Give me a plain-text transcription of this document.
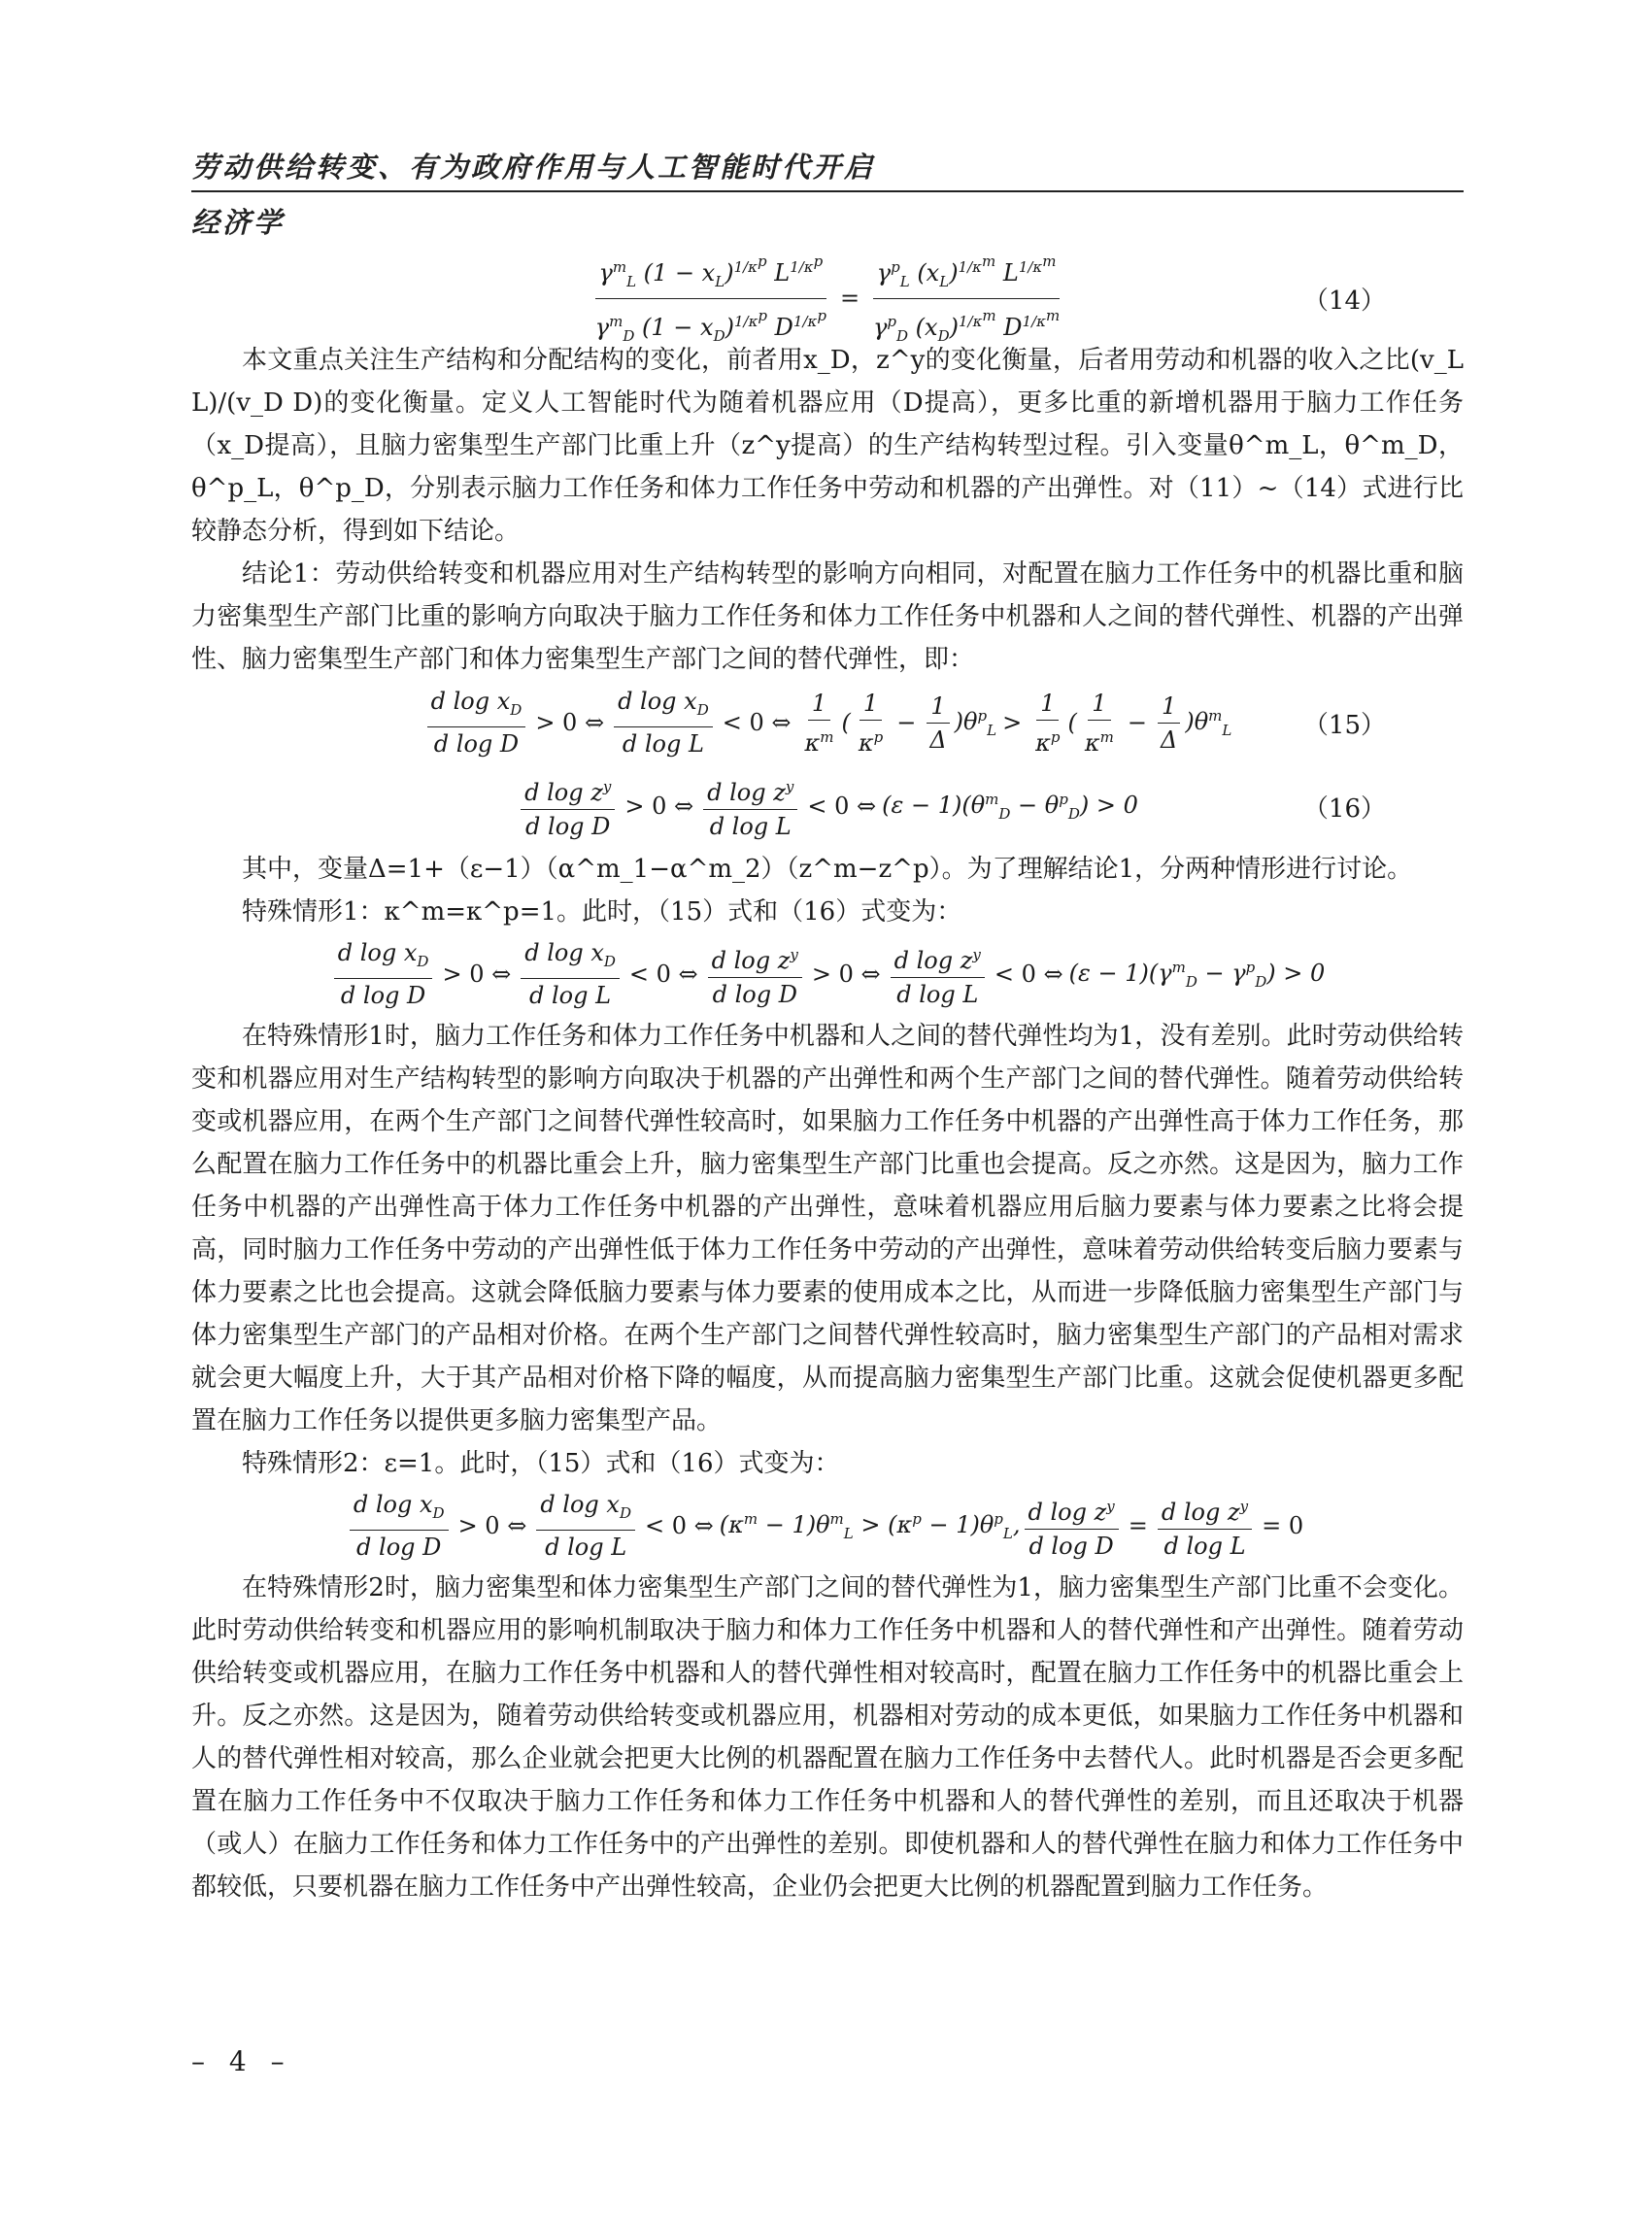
劳动供给转变、有为政府作用与人工智能时代开启
经济学
$\frac{\gamma^m_L (1 - x_L)^{1/\kappa^p} L^{1/\kappa^p}}{\gamma^m_D (1 - x_D)^{1/\kappa^p} D^{1/\kappa^p}} = \frac{\gamma^p_L (x_L)^{1/\kappa^m} L^{1/\kappa^m}}{\gamma^p_D (x_D)^{1/\kappa^m} D^{1/\kappa^m}}$	（14）

本文重点关注生产结构和分配结构的变化，前者用x_D，z^y的变化衡量，后者用劳动和机器的收入之比(v_L L)/(v_D D)的变化衡量。定义人工智能时代为随着机器应用（D提高），更多比重的新增机器用于脑力工作任务（x_D提高），且脑力密集型生产部门比重上升（z^y提高）的生产结构转型过程。引入变量θ^m_L，θ^m_D，θ^p_L，θ^p_D，分别表示脑力工作任务和体力工作任务中劳动和机器的产出弹性。对（11）~（14）式进行比较静态分析，得到如下结论。

结论1：劳动供给转变和机器应用对生产结构转型的影响方向相同，对配置在脑力工作任务中的机器比重和脑力密集型生产部门比重的影响方向取决于脑力工作任务和体力工作任务中机器和人之间的替代弹性、机器的产出弹性、脑力密集型生产部门和体力密集型生产部门之间的替代弹性，即：

$\frac{d \log x_D}{\text{d log D}} > 0$ ⇔ $\frac{d \log x_D}{\text{d log L}} < 0$ ⇔ $\frac{1}{\kappa^m}$ ( $\frac{1}{\kappa^p} - \frac{1}{\Delta} )\theta^p_L > \frac{1}{\kappa^p}$ ( $\frac{1}{\kappa^m} - \frac{1}{\Delta} )\theta^m_L$	（15）
$\frac{d \log z^y}{\text{d log D}} > 0$ ⇔ $\frac{d \log z^y}{\text{d log L}} < 0$ ⇔ $(\varepsilon - 1)(\theta^m_D - \theta^p_D) > 0$	（16）

其中，变量Δ=1+（ε−1）（α^m_1−α^m_2）（z^m−z^p）。为了理解结论1，分两种情形进行讨论。

特殊情形1：κ^m=κ^p=1。此时，（15）式和（16）式变为：

$\frac{d \log x_D}{\text{d log D}} > 0$ ⇔ $\frac{d \log x_D}{\text{d log L}} < 0$ ⇔ $\frac{d \log z^y}{\text{d log D}} > 0$ ⇔ $\frac{d \log z^y}{\text{d log L}} < 0$ ⇔ $(\varepsilon - 1)(\gamma^m_D - \gamma^p_D) > 0$

在特殊情形1时，脑力工作任务和体力工作任务中机器和人之间的替代弹性均为1，没有差别。此时劳动供给转变和机器应用对生产结构转型的影响方向取决于机器的产出弹性和两个生产部门之间的替代弹性。随着劳动供给转变或机器应用，在两个生产部门之间替代弹性较高时，如果脑力工作任务中机器的产出弹性高于体力工作任务，那么配置在脑力工作任务中的机器比重会上升，脑力密集型生产部门比重也会提高。反之亦然。这是因为，脑力工作任务中机器的产出弹性高于体力工作任务中机器的产出弹性，意味着机器应用后脑力要素与体力要素之比将会提高，同时脑力工作任务中劳动的产出弹性低于体力工作任务中劳动的产出弹性，意味着劳动供给转变后脑力要素与体力要素之比也会提高。这就会降低脑力要素与体力要素的使用成本之比，从而进一步降低脑力密集型生产部门与体力密集型生产部门的产品相对价格。在两个生产部门之间替代弹性较高时，脑力密集型生产部门的产品相对需求就会更大幅度上升，大于其产品相对价格下降的幅度，从而提高脑力密集型生产部门比重。这就会促使机器更多配置在脑力工作任务以提供更多脑力密集型产品。

特殊情形2：ε=1。此时，（15）式和（16）式变为：

$\frac{d \log x_D}{\text{d log D}} > 0$ ⇔ $\frac{d \log x_D}{\text{d log L}} < 0$ ⇔ $(\kappa^m - 1)\theta^m_L > (\kappa^p - 1)\theta^p_L$, $\frac{d \log z^y}{\text{d log D}} = \frac{d \log z^y}{\text{d log L}} = 0$

在特殊情形2时，脑力密集型和体力密集型生产部门之间的替代弹性为1，脑力密集型生产部门比重不会变化。此时劳动供给转变和机器应用的影响机制取决于脑力和体力工作任务中机器和人的替代弹性和产出弹性。随着劳动供给转变或机器应用，在脑力工作任务中机器和人的替代弹性相对较高时，配置在脑力工作任务中的机器比重会上升。反之亦然。这是因为，随着劳动供给转变或机器应用，机器相对劳动的成本更低，如果脑力工作任务中机器和人的替代弹性相对较高，那么企业就会把更大比例的机器配置在脑力工作任务中去替代人。此时机器是否会更多配置在脑力工作任务中不仅取决于脑力工作任务和体力工作任务中机器和人的替代弹性的差别，而且还取决于机器（或人）在脑力工作任务和体力工作任务中的产出弹性的差别。即使机器和人的替代弹性在脑力和体力工作任务中都较低，只要机器在脑力工作任务中产出弹性较高，企业仍会把更大比例的机器配置到脑力工作任务。

– 4 –
